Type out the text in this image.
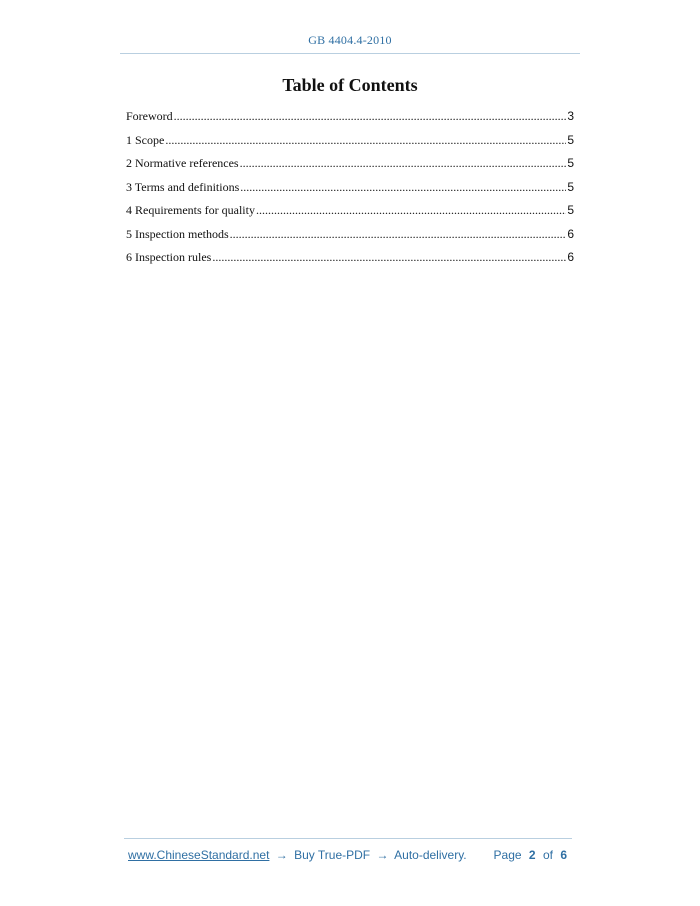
GB 4404.4-2010
Table of Contents
Foreword .....	3
1 Scope .....	5
2 Normative references .....	5
3 Terms and definitions .....	5
4 Requirements for quality .....	5
5 Inspection methods .....	6
6 Inspection rules .....	6
www.ChineseStandard.net → Buy True-PDF → Auto-delivery. Page 2 of 6
